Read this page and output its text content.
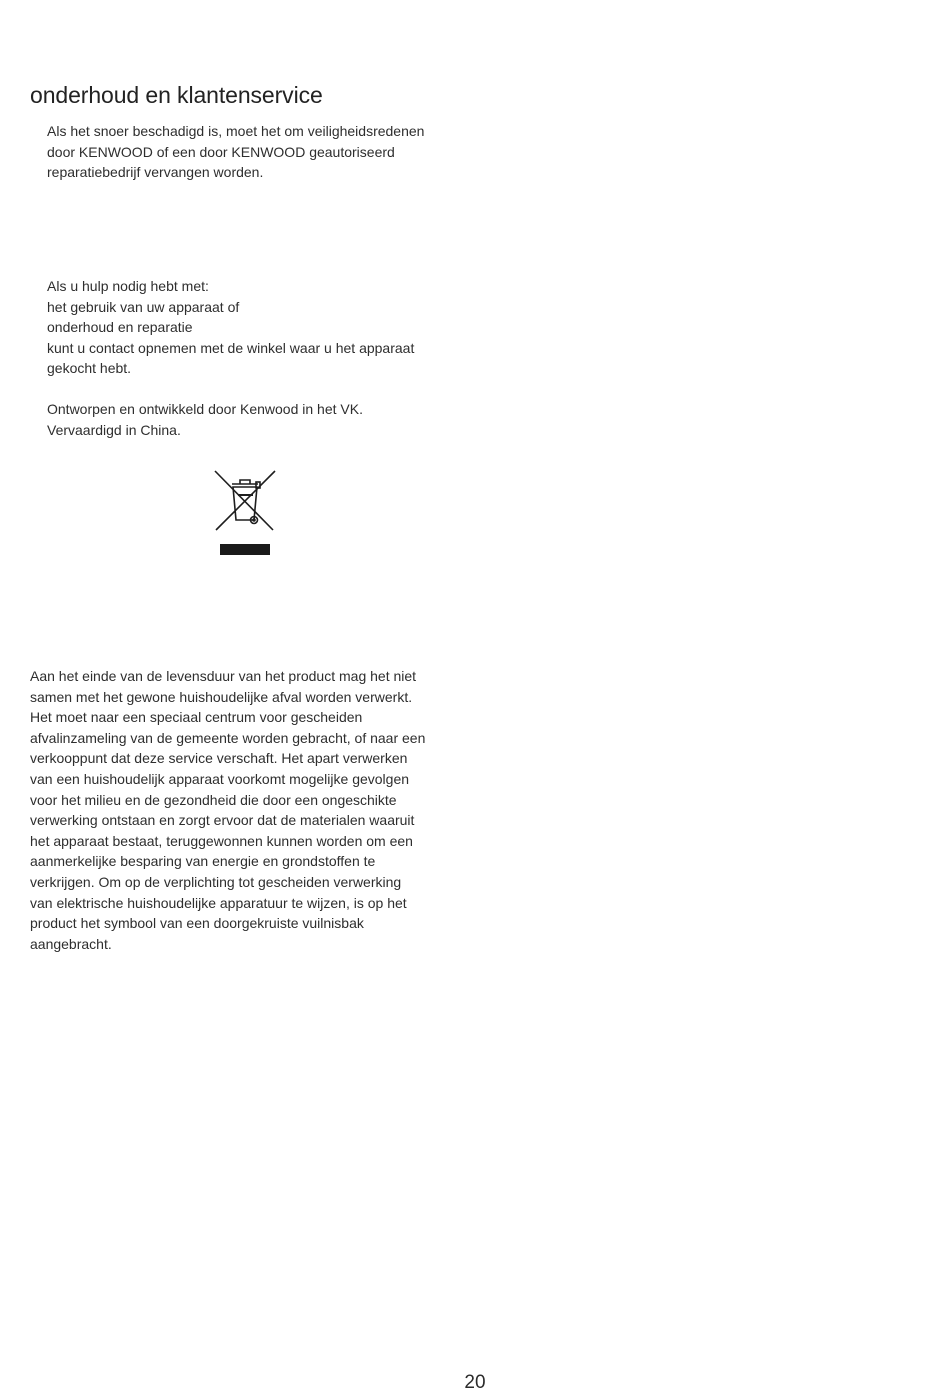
onderhoud en klantenservice

Als het snoer beschadigd is, moet het om veiligheidsredenen
door KENWOOD of een door KENWOOD geautoriseerd
reparatiebedrijf vervangen worden.

Als u hulp nodig hebt met:
het gebruik van uw apparaat of
onderhoud en reparatie
kunt u contact opnemen met de winkel waar u het apparaat
gekocht hebt.

Ontworpen en ontwikkeld door Kenwood in het VK.
Vervaardigd in China.

Aan het einde van de levensduur van het product mag het niet
samen met het gewone huishoudelijke afval worden verwerkt.
Het moet naar een speciaal centrum voor gescheiden
afvalinzameling van de gemeente worden gebracht, of naar een
verkooppunt dat deze service verschaft. Het apart verwerken
van een huishoudelijk apparaat voorkomt mogelijke gevolgen
voor het milieu en de gezondheid die door een ongeschikte
verwerking ontstaan en zorgt ervoor dat de materialen waaruit
het apparaat bestaat, teruggewonnen kunnen worden om een
aanmerkelijke besparing van energie en grondstoffen te
verkrijgen. Om op de verplichting tot gescheiden verwerking
van elektrische huishoudelijke apparatuur te wijzen, is op het
product het symbool van een doorgekruiste vuilnisbak
aangebracht.

20
